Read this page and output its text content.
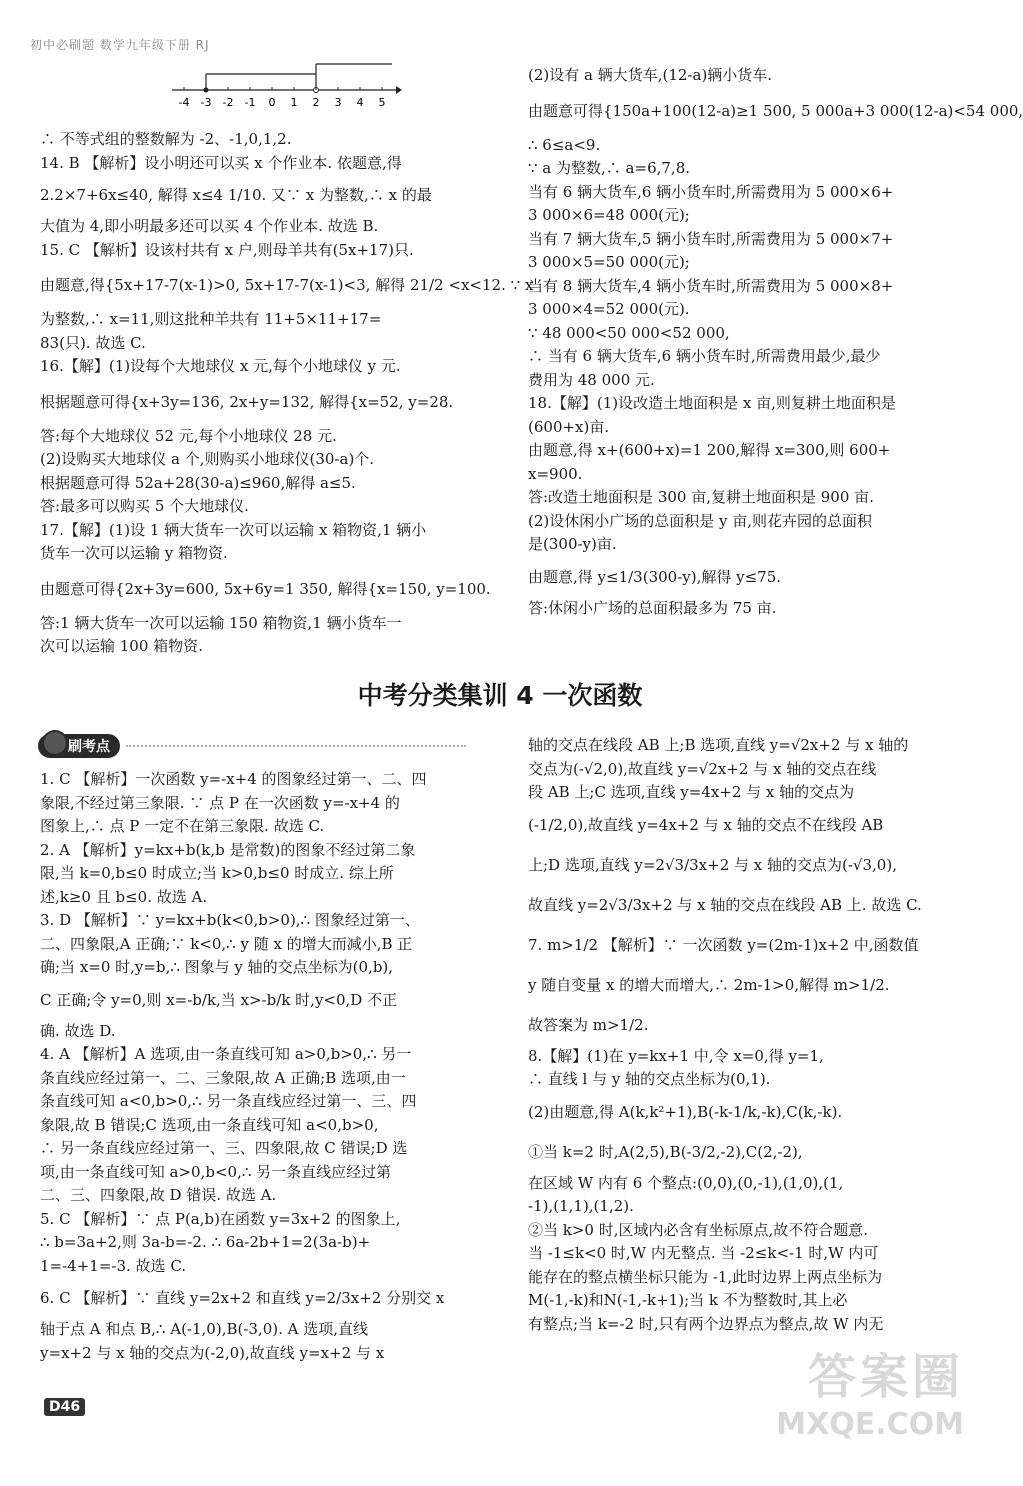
初中必刷题 数学九年级下册 RJ
-4 -3 -2 -1 0 1 2 3 4 5
∴ 不等式组的整数解为 -2、-1,0,1,2.
14. B 【解析】设小明还可以买 x 个作业本. 依题意,得
2.2×7+6x≤40, 解得 x≤4 1/10. 又∵ x 为整数,∴ x 的最
大值为 4,即小明最多还可以买 4 个作业本. 故选 B.
15. C 【解析】设该村共有 x 户,则母羊共有(5x+17)只.
由题意,得{5x+17-7(x-1)>0, 5x+17-7(x-1)<3, 解得 21/2 <x<12. ∵ x
为整数,∴ x=11,则这批种羊共有 11+5×11+17=
83(只). 故选 C.
16.【解】(1)设每个大地球仪 x 元,每个小地球仪 y 元.
根据题意可得{x+3y=136, 2x+y=132, 解得{x=52, y=28.
答:每个大地球仪 52 元,每个小地球仪 28 元.
(2)设购买大地球仪 a 个,则购买小地球仪(30-a)个.
根据题意可得 52a+28(30-a)≤960,解得 a≤5.
答:最多可以购买 5 个大地球仪.
17.【解】(1)设 1 辆大货车一次可以运输 x 箱物资,1 辆小
货车一次可以运输 y 箱物资.
由题意可得{2x+3y=600, 5x+6y=1 350, 解得{x=150, y=100.
答:1 辆大货车一次可以运输 150 箱物资,1 辆小货车一
次可以运输 100 箱物资.
(2)设有 a 辆大货车,(12-a)辆小货车.
由题意可得{150a+100(12-a)≥1 500, 5 000a+3 000(12-a)<54 000,
∴ 6≤a<9.
∵ a 为整数,∴ a=6,7,8.
当有 6 辆大货车,6 辆小货车时,所需费用为 5 000×6+
3 000×6=48 000(元);
当有 7 辆大货车,5 辆小货车时,所需费用为 5 000×7+
3 000×5=50 000(元);
当有 8 辆大货车,4 辆小货车时,所需费用为 5 000×8+
3 000×4=52 000(元).
∵ 48 000<50 000<52 000,
∴ 当有 6 辆大货车,6 辆小货车时,所需费用最少,最少
费用为 48 000 元.
18.【解】(1)设改造土地面积是 x 亩,则复耕土地面积是
(600+x)亩.
由题意,得 x+(600+x)=1 200,解得 x=300,则 600+
x=900.
答:改造土地面积是 300 亩,复耕土地面积是 900 亩.
(2)设休闲小广场的总面积是 y 亩,则花卉园的总面积
是(300-y)亩.
由题意,得 y≤1/3(300-y),解得 y≤75.
答:休闲小广场的总面积最多为 75 亩.
中考分类集训 4 一次函数
刷考点
1. C 【解析】一次函数 y=-x+4 的图象经过第一、二、四
象限,不经过第三象限. ∵ 点 P 在一次函数 y=-x+4 的
图象上,∴ 点 P 一定不在第三象限. 故选 C.
2. A 【解析】y=kx+b(k,b 是常数)的图象不经过第二象
限,当 k=0,b≤0 时成立;当 k>0,b≤0 时成立. 综上所
述,k≥0 且 b≤0. 故选 A.
3. D 【解析】∵ y=kx+b(k<0,b>0),∴ 图象经过第一、
二、四象限,A 正确;∵ k<0,∴ y 随 x 的增大而减小,B 正
确;当 x=0 时,y=b,∴ 图象与 y 轴的交点坐标为(0,b),
C 正确;令 y=0,则 x=-b/k,当 x>-b/k 时,y<0,D 不正
确. 故选 D.
4. A 【解析】A 选项,由一条直线可知 a>0,b>0,∴ 另一
条直线应经过第一、二、三象限,故 A 正确;B 选项,由一
条直线可知 a<0,b>0,∴ 另一条直线应经过第一、三、四
象限,故 B 错误;C 选项,由一条直线可知 a<0,b>0,
∴ 另一条直线应经过第一、三、四象限,故 C 错误;D 选
项,由一条直线可知 a>0,b<0,∴ 另一条直线应经过第
二、三、四象限,故 D 错误. 故选 A.
5. C 【解析】∵ 点 P(a,b)在函数 y=3x+2 的图象上,
∴ b=3a+2,则 3a-b=-2. ∴ 6a-2b+1=2(3a-b)+
1=-4+1=-3. 故选 C.
6. C 【解析】∵ 直线 y=2x+2 和直线 y=2/3x+2 分别交 x
轴于点 A 和点 B,∴ A(-1,0),B(-3,0). A 选项,直线
y=x+2 与 x 轴的交点为(-2,0),故直线 y=x+2 与 x
轴的交点在线段 AB 上;B 选项,直线 y=√2x+2 与 x 轴的
交点为(-√2,0),故直线 y=√2x+2 与 x 轴的交点在线
段 AB 上;C 选项,直线 y=4x+2 与 x 轴的交点为
(-1/2,0),故直线 y=4x+2 与 x 轴的交点不在线段 AB
上;D 选项,直线 y=2√3/3x+2 与 x 轴的交点为(-√3,0),
故直线 y=2√3/3x+2 与 x 轴的交点在线段 AB 上. 故选 C.
7. m>1/2 【解析】∵ 一次函数 y=(2m-1)x+2 中,函数值
y 随自变量 x 的增大而增大,∴ 2m-1>0,解得 m>1/2.
故答案为 m>1/2.
8.【解】(1)在 y=kx+1 中,令 x=0,得 y=1,
∴ 直线 l 与 y 轴的交点坐标为(0,1).
(2)由题意,得 A(k,k²+1),B(-k-1/k,-k),C(k,-k).
①当 k=2 时,A(2,5),B(-3/2,-2),C(2,-2),
在区域 W 内有 6 个整点:(0,0),(0,-1),(1,0),(1,
-1),(1,1),(1,2).
②当 k>0 时,区域内必含有坐标原点,故不符合题意.
当 -1≤k<0 时,W 内无整点. 当 -2≤k<-1 时,W 内可
能存在的整点横坐标只能为 -1,此时边界上两点坐标为
M(-1,-k)和N(-1,-k+1);当 k 不为整数时,其上必
有整点;当 k=-2 时,只有两个边界点为整点,故 W 内无
D46
答案圈
MXQE.COM
